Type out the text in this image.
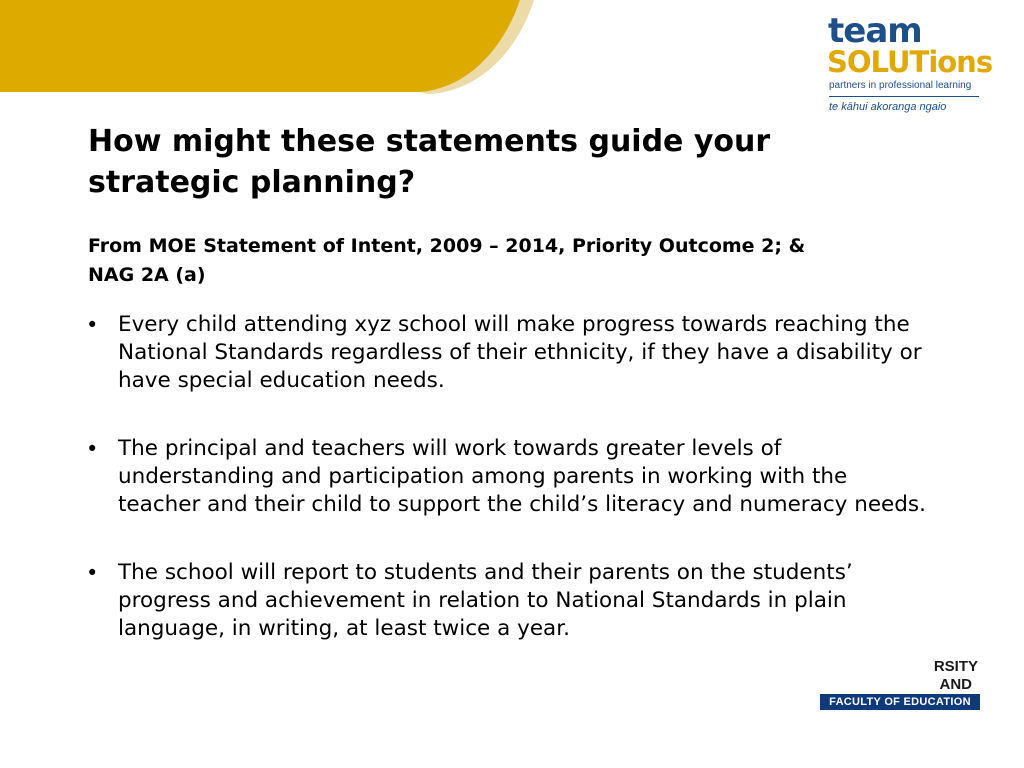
team
SOLUTions
partners in professional learning
te kāhui akoranga ngaio
How might these statements guide your strategic planning?
From MOE Statement of Intent, 2009 – 2014, Priority Outcome 2; & NAG 2A (a)
• Every child attending xyz school will make progress towards reaching the National Standards regardless of their ethnicity, if they have a disability or have special education needs.
• The principal and teachers will work towards greater levels of understanding and participation among parents in working with the teacher and their child to support the child’s literacy and numeracy needs.
• The school will report to students and their parents on the students’ progress and achievement in relation to National Standards in plain language, in writing, at least twice a year.
RSITY
AND
FACULTY OF EDUCATION
